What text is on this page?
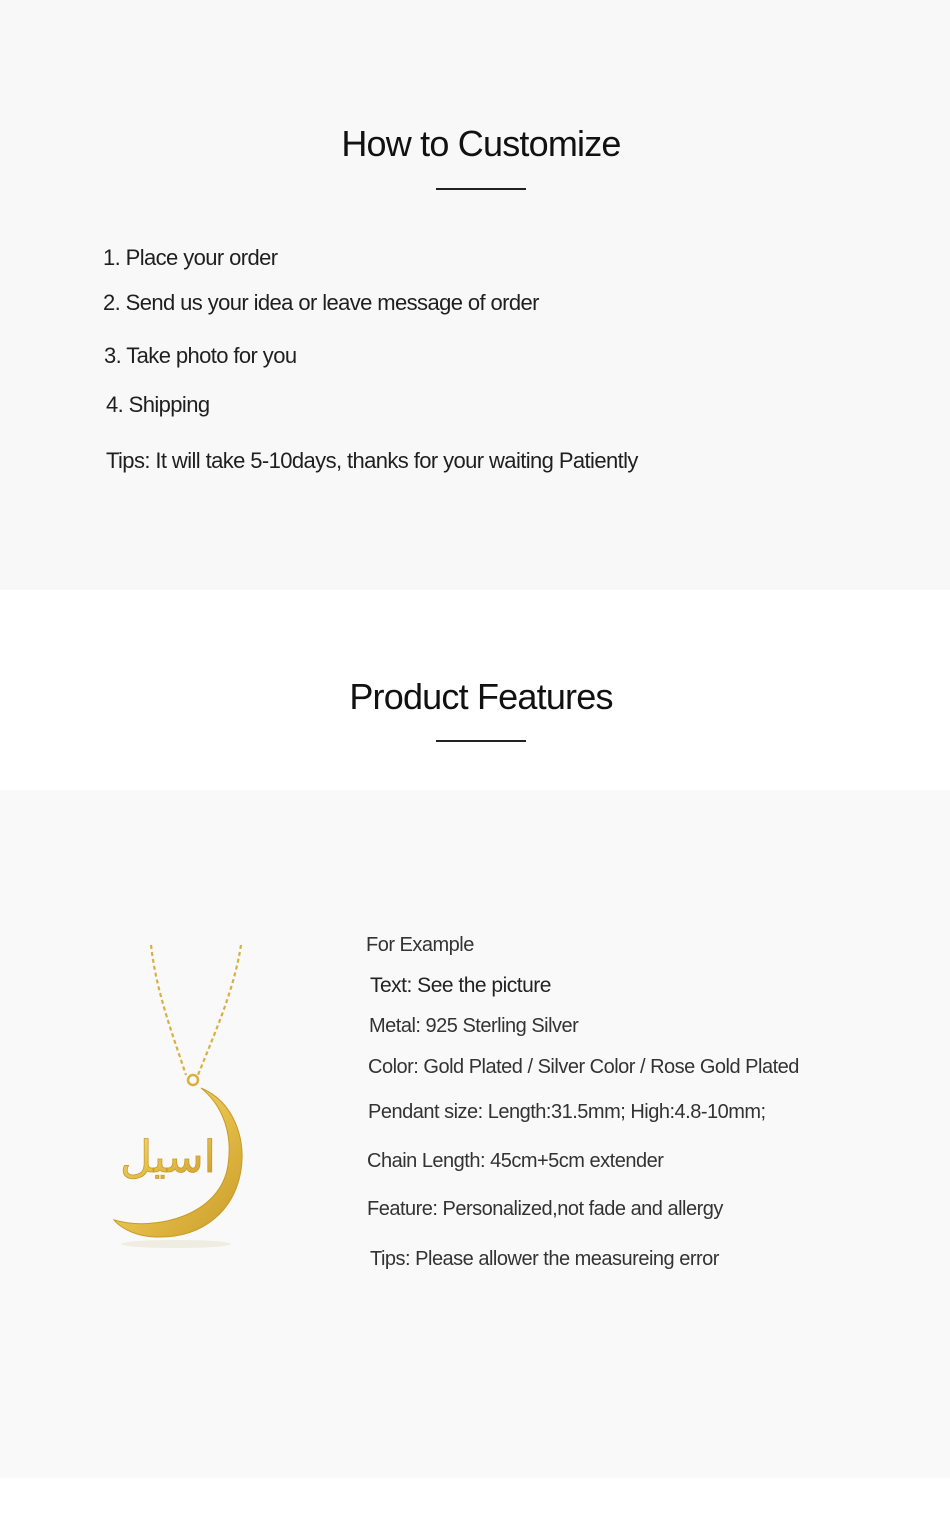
How to Customize
1. Place your order
2. Send us your idea or leave message of order
3. Take photo for you
4. Shipping
Tips: It will take 5-10days, thanks for your waiting Patiently
Product Features
اسيل
For Example
Text: See the picture
Metal: 925 Sterling Silver
Color: Gold Plated / Silver Color / Rose Gold Plated
Pendant size: Length:31.5mm; High:4.8-10mm;
Chain Length: 45cm+5cm extender
Feature: Personalized,not fade and allergy
Tips: Please allower the measureing error
